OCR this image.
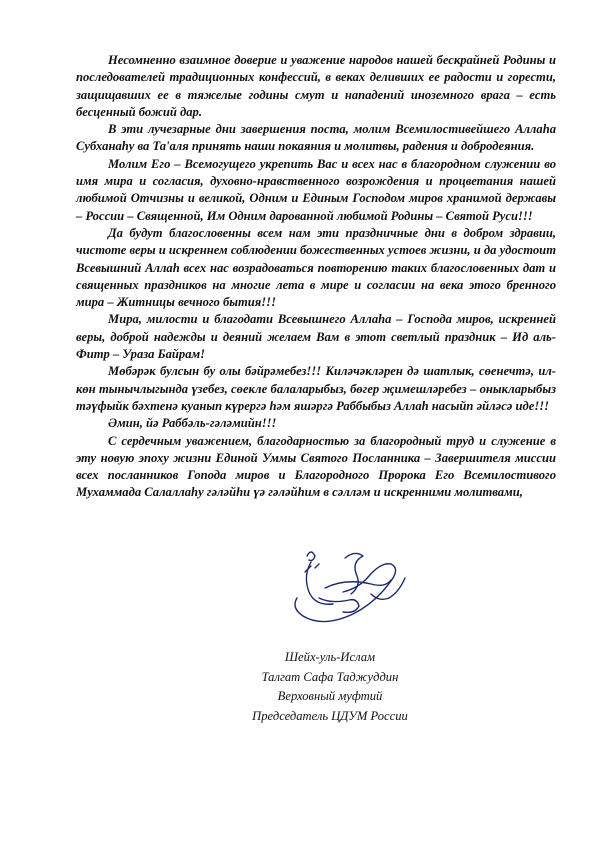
Несомненно взаимное доверие и уважение народов нашей бескрайней Родины и последователей традиционных конфессий, в веках деливших ее радости и горести, защищавших ее в тяжелые годины смут и нападений иноземного врага – есть бесценный божий дар.

В эти лучезарные дни завершения поста, молим Всемилостивейшего Аллаhа Субханаhу ва Та'аля принять наши покаяния и молитвы, радения и добродеяния.

Молим Его – Всемогущего укрепить Вас и всех нас в благородном служении во имя мира и согласия, духовно-нравственного возрождения и процветания нашей любимой Отчизны и великой, Одним и Единым Господом миров хранимой державы – России – Священной, Им Одним дарованной любимой Родины – Святой Руси!!!

Да будут благословенны всем нам эти праздничные дни в добром здравии, чистоте веры и искреннем соблюдении божественных устоев жизни, и да удостоит Всевышний Аллаh всех нас возрадоваться повторению таких благословенных дат и священных праздников на многие лета в мире и согласии на века этого бренного мира – Житницы вечного бытия!!!

Мира, милости и благодати Всевышнего Аллаhа – Господа миров, искренней веры, доброй надежды и деяний желаем Вам в этот светлый праздник – Ид аль-Фитр – Ураза Байрам!

Мөбәрәк булсын бу олы бәйрәмебез!!! Киләчәкләрен дә шатлык, сөенечтә, ил-көн тынычлыгында үзебез, сөекле балаларыбыз, бөгер җимешләребез – оныкларыбыз тәүфыйк бәхтенә куанып күрергә һәм яшәргә Раббыбыз Аллаh насыйп әйләсә иде!!!

Әмин, йә Раббәль-гәләмийн!!!

С сердечным уважением, благодарностью за благородный труд и служение в эту новую эпоху жизни Единой Уммы Святого Посланника – Завершителя миссии всех посланников Гопода миров и Благородного Пророка Его Всемилостивого Мухаммада Салаллаhу гәләйһи үә гәләйһим в сәлләм и искренними молитвами,

Шейх-уль-Ислам
Талгат Сафа Таджуддин
Верховный муфтий
Председатель ЦДУМ России
